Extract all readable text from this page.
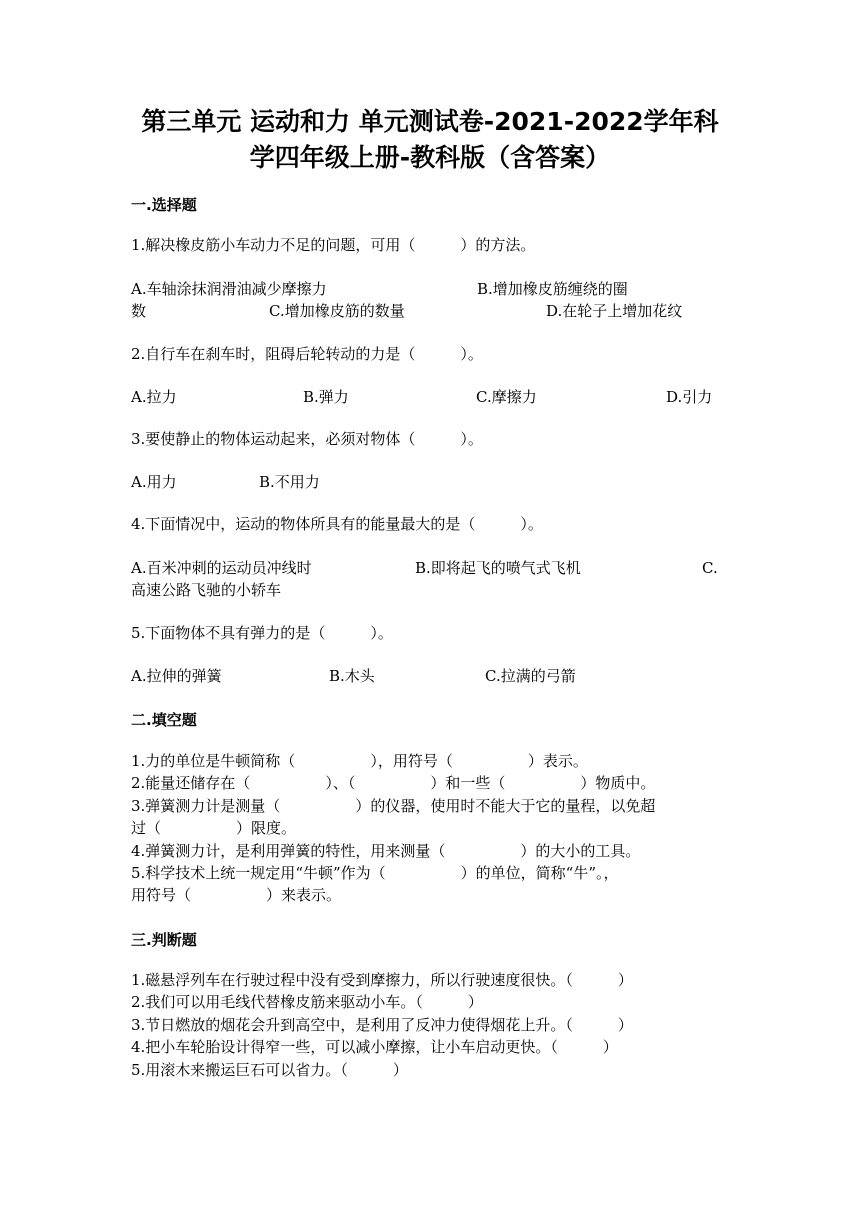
第三单元 运动和力 单元测试卷-2021-2022学年科
学四年级上册-教科版（含答案）

一.选择题

1.解决橡皮筋小车动力不足的问题，可用（　　　）的方法。

A.车轴涂抹润滑油减少摩擦力	B.增加橡皮筋缠绕的圈

数	C.增加橡皮筋的数量	D.在轮子上增加花纹

2.自行车在刹车时，阻碍后轮转动的力是（　　　）。

A.拉力	B.弹力	C.摩擦力	D.引力

3.要使静止的物体运动起来，必须对物体（　　　）。

A.用力	B.不用力

4.下面情况中，运动的物体所具有的能量最大的是（　　　）。

A.百米冲刺的运动员冲线时	B.即将起飞的喷气式飞机	C.

高速公路飞驰的小轿车

5.下面物体不具有弹力的是（　　　）。

A.拉伸的弹簧	B.木头	C.拉满的弓箭

二.填空题

1.力的单位是牛顿简称（　　　　　），用符号（　　　　　）表示。

2.能量还储存在（　　　　　）、（　　　　　）和一些（　　　　　）物质中。

3.弹簧测力计是测量（　　　　　）的仪器，使用时不能大于它的量程，以免超

过（　　　　　）限度。

4.弹簧测力计，是利用弹簧的特性，用来测量（　　　　　）的大小的工具。

5.科学技术上统一规定用“牛顿”作为（　　　　　）的单位，简称“牛”。，

用符号（　　　　　）来表示。

三.判断题

1.磁悬浮列车在行驶过程中没有受到摩擦力，所以行驶速度很快。（　　　）

2.我们可以用毛线代替橡皮筋来驱动小车。（　　　）

3.节日燃放的烟花会升到高空中，是利用了反冲力使得烟花上升。（　　　）

4.把小车轮胎设计得窄一些，可以减小摩擦，让小车启动更快。（　　　）

5.用滚木来搬运巨石可以省力。（　　　）
